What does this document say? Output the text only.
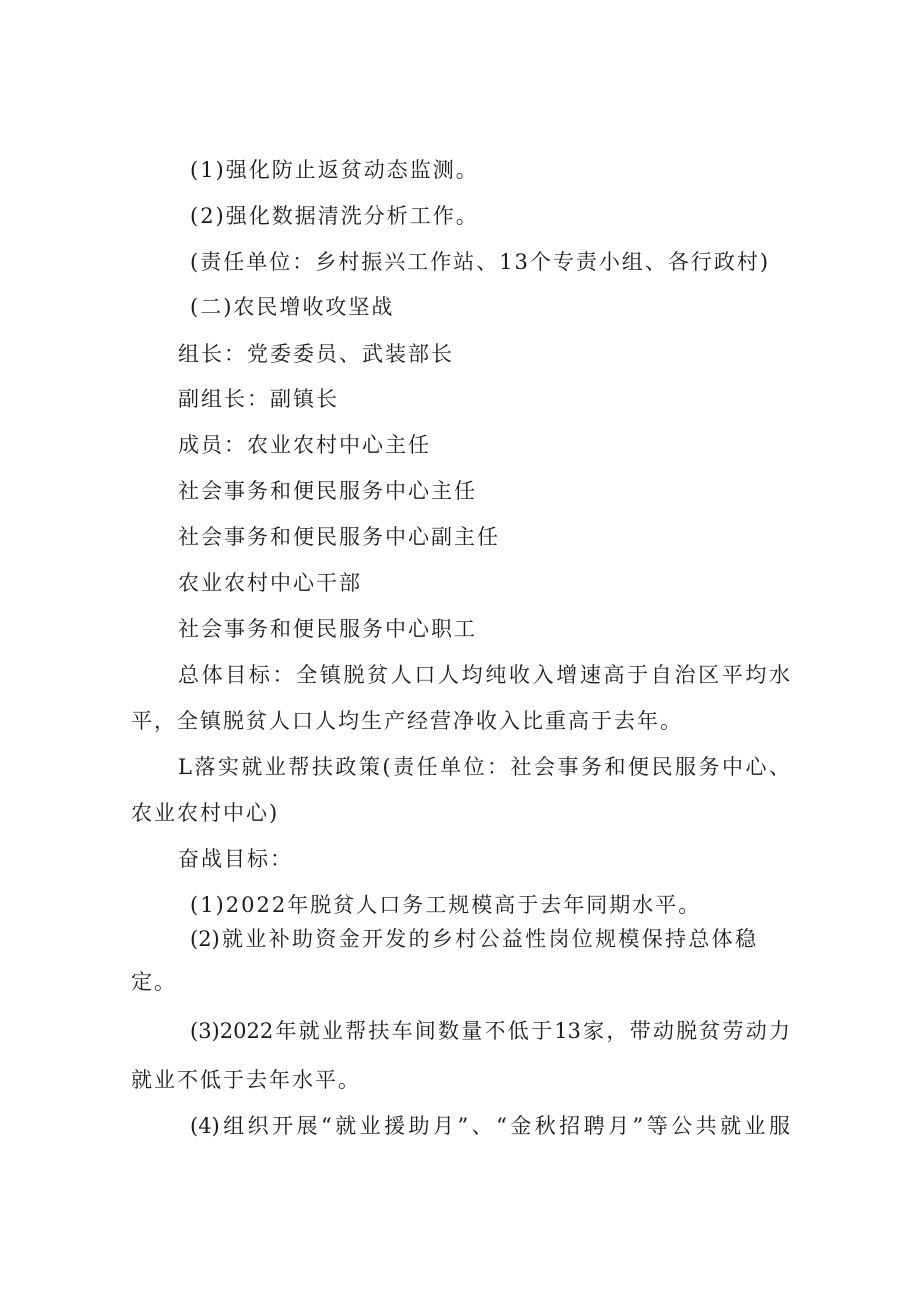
(1)强化防止返贫动态监测。

(2)强化数据清洗分析工作。

(责任单位：乡村振兴工作站、13个专责小组、各行政村)

(二)农民增收攻坚战

组长：党委委员、武装部长

副组长：副镇长

成员：农业农村中心主任

社会事务和便民服务中心主任

社会事务和便民服务中心副主任

农业农村中心干部

社会事务和便民服务中心职工

总体目标：全镇脱贫人口人均纯收入增速高于自治区平均水

平，全镇脱贫人口人均生产经营净收入比重高于去年。

L落实就业帮扶政策(责任单位：社会事务和便民服务中心、

农业农村中心)

奋战目标：

(1)2022年脱贫人口务工规模高于去年同期水平。

(2)就业补助资金开发的乡村公益性岗位规模保持总体稳

定。

(3)2022年就业帮扶车间数量不低于13家，带动脱贫劳动力

就业不低于去年水平。

(4)组织开展“就业援助月”、“金秋招聘月”等公共就业服
